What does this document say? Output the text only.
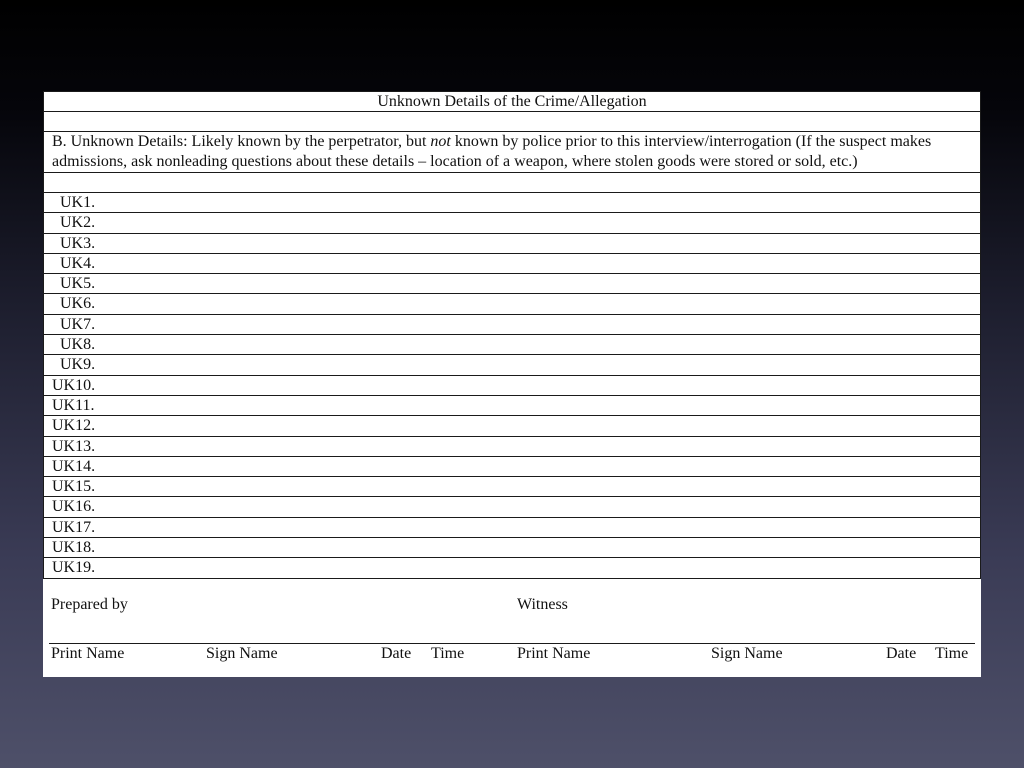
Unknown Details of the Crime/Allegation
B. Unknown Details: Likely known by the perpetrator, but not known by police prior to this interview/interrogation (If the suspect makes admissions, ask nonleading questions about these details – location of a weapon, where stolen goods were stored or sold, etc.)
UK1.
UK2.
UK3.
UK4.
UK5.
UK6.
UK7.
UK8.
UK9.
UK10.
UK11.
UK12.
UK13.
UK14.
UK15.
UK16.
UK17.
UK18.
UK19.
Prepared by	Witness
Print Name	Sign Name	Date Time	Print Name	Sign Name	Date Time
